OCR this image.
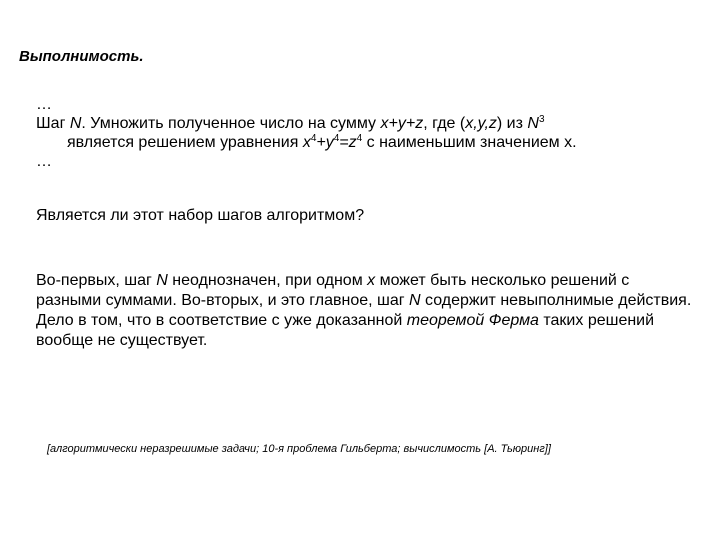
Выполнимость.
…
Шаг N. Умножить полученное число на сумму x+y+z, где (x,y,z) из $N^3$
является решением уравнения $x^4+y^4=z^4$ с наименьшим значением x.
…
Является ли этот набор шагов алгоритмом?
Во-первых, шаг N неоднозначен, при одном x может быть несколько решений с разными суммами. Во-вторых, и это главное, шаг N содержит невыполнимые действия. Дело в том, что в соответствие с уже доказанной теоремой Ферма таких решений вообще не существует.
[алгоритмически неразрешимые задачи; 10-я проблема Гильберта; вычислимость [А. Тьюринг]]
